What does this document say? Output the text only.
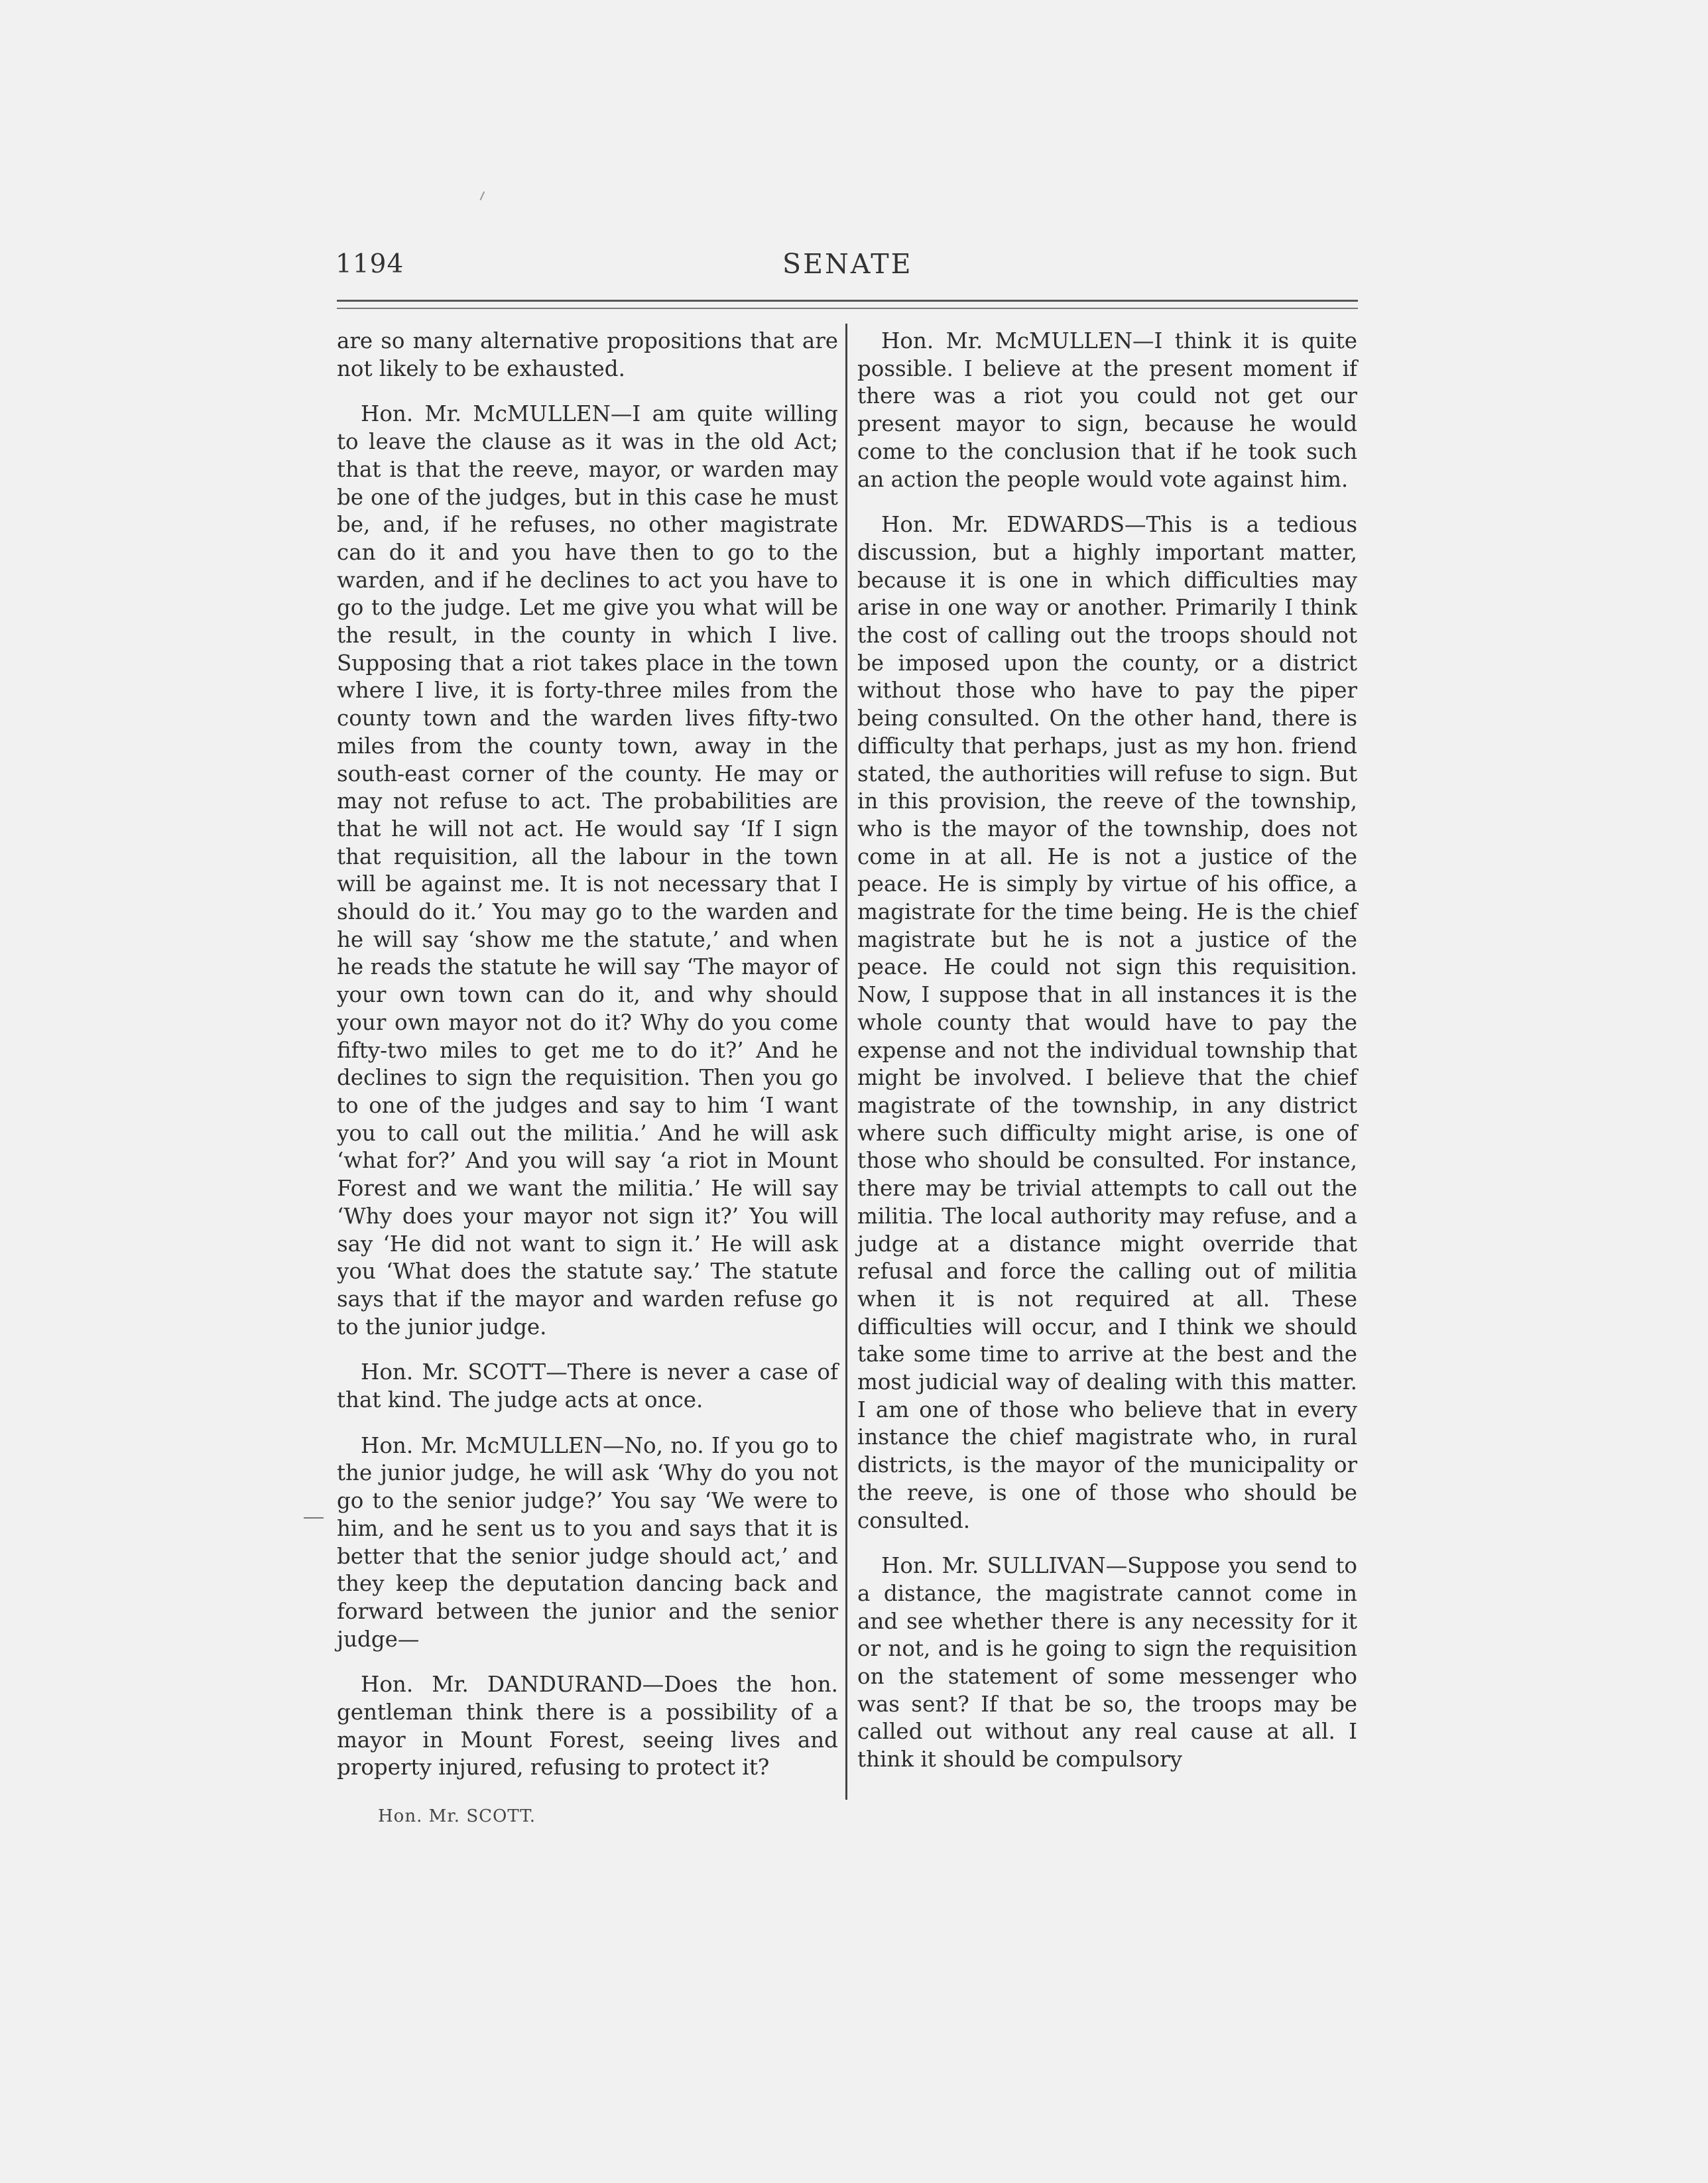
1194	SENATE

are so many alternative propositions that are not likely to be exhausted.

Hon. Mr. McMULLEN—I am quite willing to leave the clause as it was in the old Act; that is that the reeve, mayor, or warden may be one of the judges, but in this case he must be, and, if he refuses, no other magistrate can do it and you have then to go to the warden, and if he declines to act you have to go to the judge. Let me give you what will be the result, in the county in which I live. Supposing that a riot takes place in the town where I live, it is forty-three miles from the county town and the warden lives fifty-two miles from the county town, away in the south-east corner of the county. He may or may not refuse to act. The probabilities are that he will not act. He would say ‘If I sign that requisition, all the labour in the town will be against me. It is not necessary that I should do it.’ You may go to the warden and he will say ‘show me the statute,’ and when he reads the statute he will say ‘The mayor of your own town can do it, and why should your own mayor not do it? Why do you come fifty-two miles to get me to do it?’ And he declines to sign the requisition. Then you go to one of the judges and say to him ‘I want you to call out the militia.’ And he will ask ‘what for?’ And you will say ‘a riot in Mount Forest and we want the militia.’ He will say ‘Why does your mayor not sign it?’ You will say ‘He did not want to sign it.’ He will ask you ‘What does the statute say.’ The statute says that if the mayor and warden refuse go to the junior judge.

Hon. Mr. SCOTT—There is never a case of that kind. The judge acts at once.

Hon. Mr. McMULLEN—No, no. If you go to the junior judge, he will ask ‘Why do you not go to the senior judge?’ You say ‘We were to him, and he sent us to you and says that it is better that the senior judge should act,’ and they keep the deputation dancing back and forward between the junior and the senior judge—

Hon. Mr. DANDURAND—Does the hon. gentleman think there is a possibility of a mayor in Mount Forest, seeing lives and property injured, refusing to protect it?

Hon. Mr. McMULLEN—I think it is quite possible. I believe at the present moment if there was a riot you could not get our present mayor to sign, because he would come to the conclusion that if he took such an action the people would vote against him.

Hon. Mr. EDWARDS—This is a tedious discussion, but a highly important matter, because it is one in which difficulties may arise in one way or another. Primarily I think the cost of calling out the troops should not be imposed upon the county, or a district without those who have to pay the piper being consulted. On the other hand, there is difficulty that perhaps, just as my hon. friend stated, the authorities will refuse to sign. But in this provision, the reeve of the township, who is the mayor of the township, does not come in at all. He is not a justice of the peace. He is simply by virtue of his office, a magistrate for the time being. He is the chief magistrate but he is not a justice of the peace. He could not sign this requisition. Now, I suppose that in all instances it is the whole county that would have to pay the expense and not the individual township that might be involved. I believe that the chief magistrate of the township, in any district where such difficulty might arise, is one of those who should be consulted. For instance, there may be trivial attempts to call out the militia. The local authority may refuse, and a judge at a distance might override that refusal and force the calling out of militia when it is not required at all. These difficulties will occur, and I think we should take some time to arrive at the best and the most judicial way of dealing with this matter. I am one of those who believe that in every instance the chief magistrate who, in rural districts, is the mayor of the municipality or the reeve, is one of those who should be consulted.

Hon. Mr. SULLIVAN—Suppose you send to a distance, the magistrate cannot come in and see whether there is any necessity for it or not, and is he going to sign the requisition on the statement of some messenger who was sent? If that be so, the troops may be called out without any real cause at all. I think it should be compulsory

Hon. Mr. SCOTT.
